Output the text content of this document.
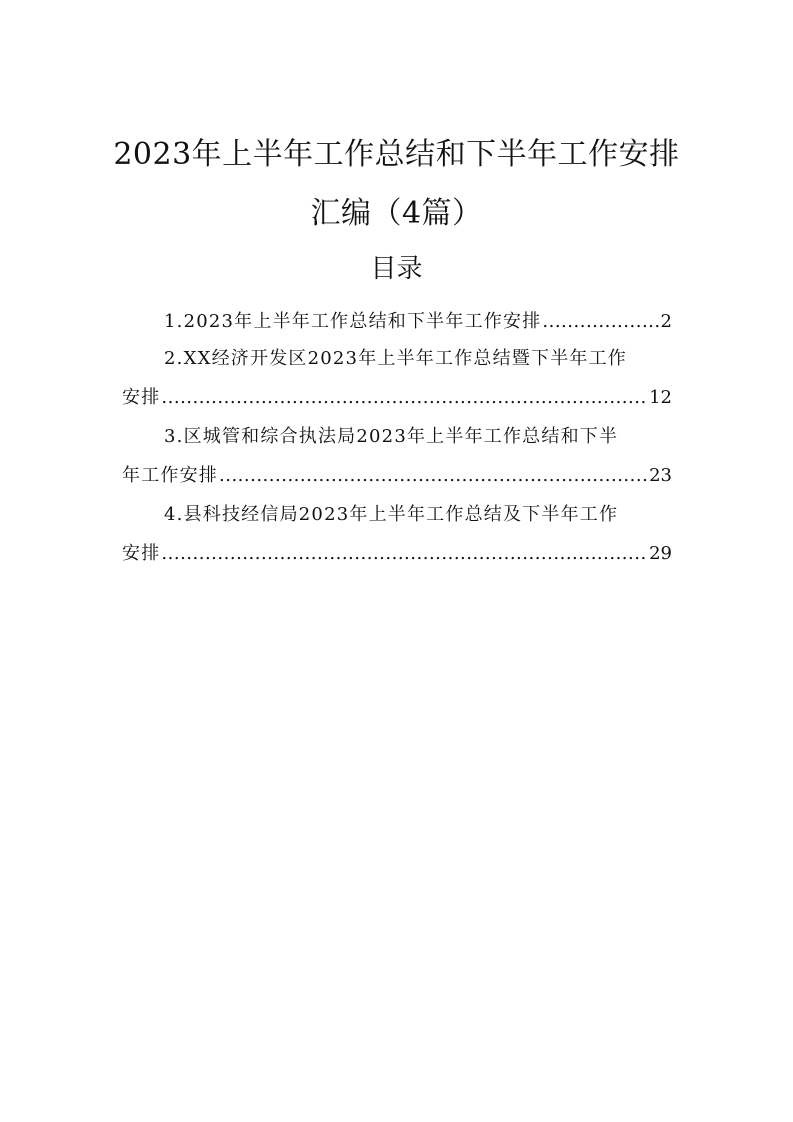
2023年上半年工作总结和下半年工作安排
汇编（4篇）
目录
1.2023年上半年工作总结和下半年工作安排 .....	2
2.XX经济开发区2023年上半年工作总结暨下半年工作
安排 .....	12
3.区城管和综合执法局2023年上半年工作总结和下半
年工作安排 .....	23
4.县科技经信局2023年上半年工作总结及下半年工作
安排 .....	29
